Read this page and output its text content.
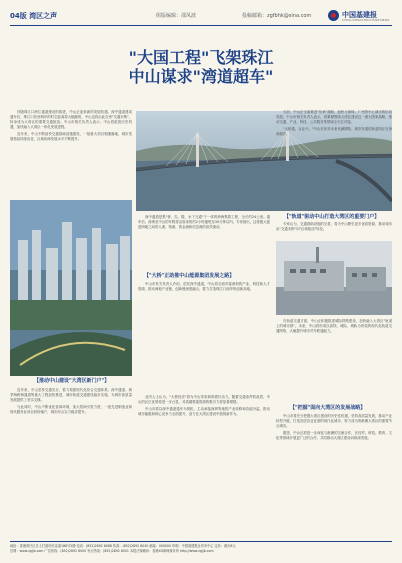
04版 湾区之声	组版编辑：邵凤波	投稿邮箱：zgfbhk@sina.com	中国基建报
CHINA INFRASTRUCTURE NEWS
"大国工程"飞架珠江
中山谋求"湾道超车"

伴随珠江口跨江通道建设的推进，中山正迎来新的发展机遇。深中通道建成通车后，珠江口东西两岸的时空距离将大幅缩短，中山也将由此告别"交通末梢"，转身成为大湾区的重要交通枢纽。中山市相关负责人表示，中山将抢抓历史机遇，加快融入大湾区一体化发展进程。

近年来，中山不断加快交通基础设施建设，一批重大项目相继落地，城市发展格局持续优化，区域协调发展水平不断提升。

【推动中山建设"大湾区新门户"】

近年来，中山坚持交通先行，着力构建现代化综合交通体系。深中通道、黄茅海跨海通道等重大工程加快推进，城市轨道交通建设稳步实施，为城市高质量发展提供了坚实支撑。

与此同时，中山不断优化营商环境，加大招商引资力度，一批先进制造业和现代服务业项目纷纷落户，城市综合实力稳步提升。

深中通道是集"桥、岛、隧、水下互通"于一体的跨海集群工程，全长约24公里。通车后，深圳至中山的车程将由原来的约2小时缩短至30分钟以内。专家指出，这将极大促进两地之间的人流、物流、资金流和信息流的高效流动。

【"大桥"正助推中山能源集团发展之路】

中山市有关负责人介绍，依托深中通道，中山将全面对接深圳的产业、科技和人才资源，推动两地产业链、创新链深度融合，着力打造珠江口西岸的创新高地。

业内人士认为，"大桥经济"将为中山带来新的增长动力。随着交通条件的改善，中山的区位优势将进一步凸显，对高端要素资源的吸引力将显著增强。

中山市将以深中通道通车为契机，主动承接深圳等地的产业转移和功能外溢，推动城市能级和核心竞争力全面提升，奋力在大湾区建设中展现新作为。

当前，中山正全面推进"东承"战略，加快与深圳、广州等中心城市的协同发展。中山市相关负责人表示，将紧紧围绕大湾区建设这一重大国家战略，推动交通、产业、科技、公共服务等领域全方位对接。

"大桥通，百业兴。"中山市民对未来充满期待，城市发展的新蓝图正在徐徐展开。

【"轨道"驱动中山打造大湾区的重要门户】

专家认为，交通基础设施的完善，将为中山吸引更多优质资源，推动城市由"交通末梢"向"区域枢纽"转变。

在轨道交通方面，中山正积极推进城际铁路建设，加快融入大湾区"轨道上的城市群"。未来，中山将形成以高铁、城际、城轨为骨架的现代化轨道交通网络，大幅提升城市对外联通能力。

【"把握"面向大湾区的发展战略】

中山市将充分把握大湾区建设的历史性机遇，坚持高质量发展，推动产业转型升级，打造宜居宜业宜游的现代化城市，努力成为粤港澳大湾区的重要节点城市。

据悉，中山还将进一步深化与港澳的交流合作，在经贸、科技、教育、文化等领域开展更广泛的合作，共同推动大湾区建设向纵深发展。

地址：香港湾仔区告士打道轩尼诗道188号2楼 电话：(852)2892 8088 传真：(852)2892 8040 邮编：000000 印刷：中国基建报社印务中心 定价：港币8元
官网：www.zgjjb.com 广告热线：(852)2892 8000 发行热线：(852)2892 8001 本报法律顾问：香港XX律师事务所 http://www.zgjjb.com
